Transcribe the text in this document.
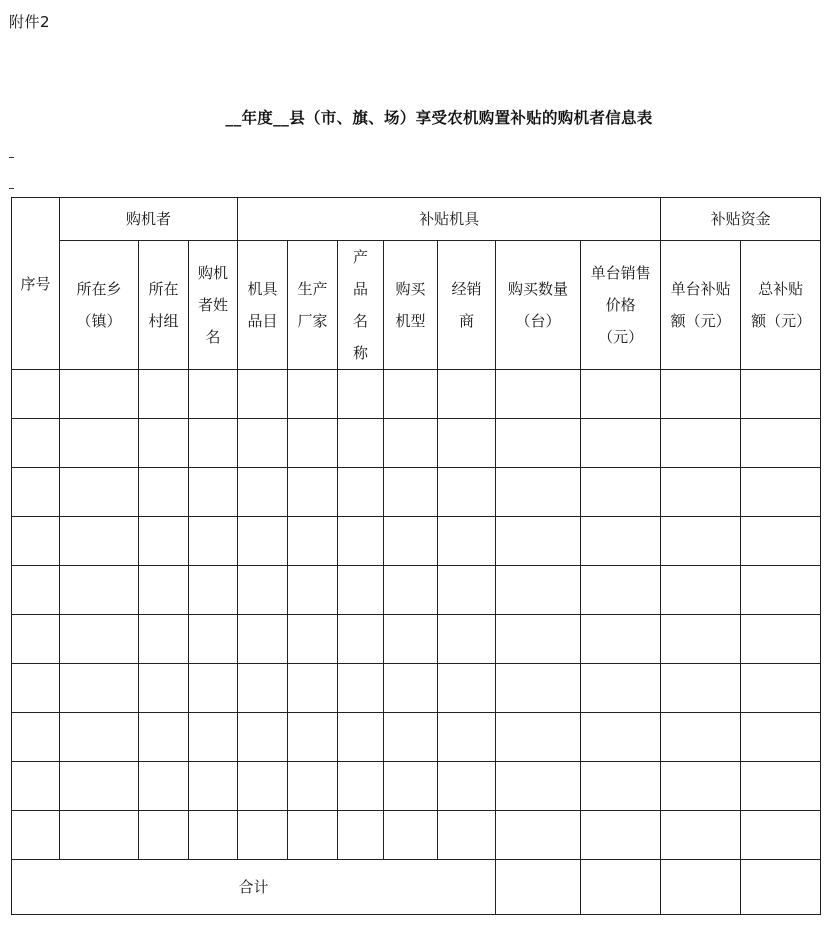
附件2
__年度__县（市、旗、场）享受农机购置补贴的购机者信息表
序号	购机者			补贴机具							补贴资金	
	所在乡（镇）	所在村组	购机者姓名	机具品目	生产厂家	产品名称	购买机型	经销商	购买数量（台）	单台销售价格（元）	单台补贴额（元）	总补贴额（元）

合计												
